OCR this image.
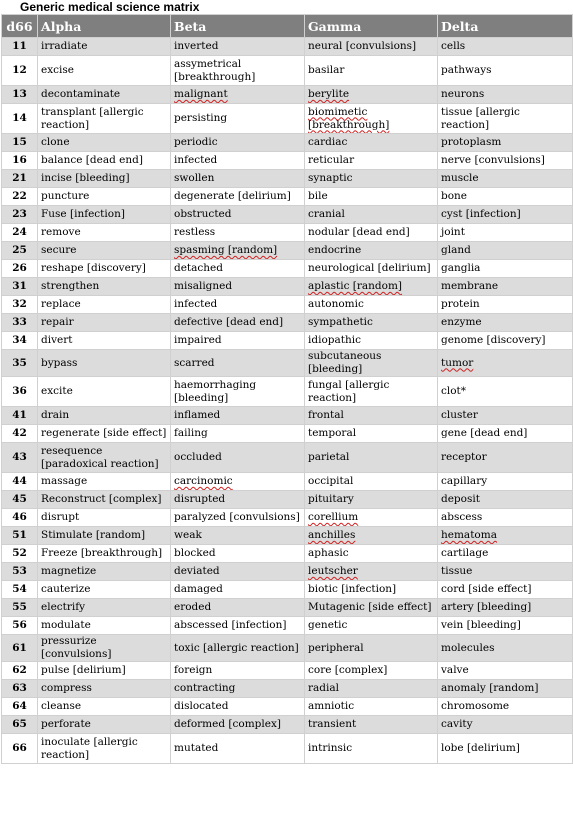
Generic medical science matrix
d66	Alpha	Beta	Gamma	Delta
11	irradiate	inverted	neural [convulsions]	cells
12	excise	assymetrical [breakthrough]	basilar	pathways
13	decontaminate	malignant	berylite	neurons
14	transplant [allergic reaction]	persisting	biomimetic [breakthrough]	tissue [allergic reaction]
15	clone	periodic	cardiac	protoplasm
16	balance [dead end]	infected	reticular	nerve [convulsions]
21	incise [bleeding]	swollen	synaptic	muscle
22	puncture	degenerate [delirium]	bile	bone
23	Fuse [infection]	obstructed	cranial	cyst [infection]
24	remove	restless	nodular [dead end]	joint
25	secure	spasming [random]	endocrine	gland
26	reshape [discovery]	detached	neurological [delirium]	ganglia
31	strengthen	misaligned	aplastic [random]	membrane
32	replace	infected	autonomic	protein
33	repair	defective [dead end]	sympathetic	enzyme
34	divert	impaired	idiopathic	genome [discovery]
35	bypass	scarred	subcutaneous [bleeding]	tumor
36	excite	haemorrhaging [bleeding]	fungal [allergic reaction]	clot*
41	drain	inflamed	frontal	cluster
42	regenerate [side effect]	failing	temporal	gene [dead end]
43	resequence [paradoxical reaction]	occluded	parietal	receptor
44	massage	carcinomic	occipital	capillary
45	Reconstruct [complex]	disrupted	pituitary	deposit
46	disrupt	paralyzed [convulsions]	corellium	abscess
51	Stimulate [random]	weak	anchilles	hematoma
52	Freeze [breakthrough]	blocked	aphasic	cartilage
53	magnetize	deviated	leutscher	tissue
54	cauterize	damaged	biotic [infection]	cord [side effect]
55	electrify	eroded	Mutagenic [side effect]	artery [bleeding]
56	modulate	abscessed [infection]	genetic	vein [bleeding]
61	pressurize [convulsions]	toxic [allergic reaction]	peripheral	molecules
62	pulse [delirium]	foreign	core [complex]	valve
63	compress	contracting	radial	anomaly [random]
64	cleanse	dislocated	amniotic	chromosome
65	perforate	deformed [complex]	transient	cavity
66	inoculate [allergic reaction]	mutated	intrinsic	lobe [delirium]
